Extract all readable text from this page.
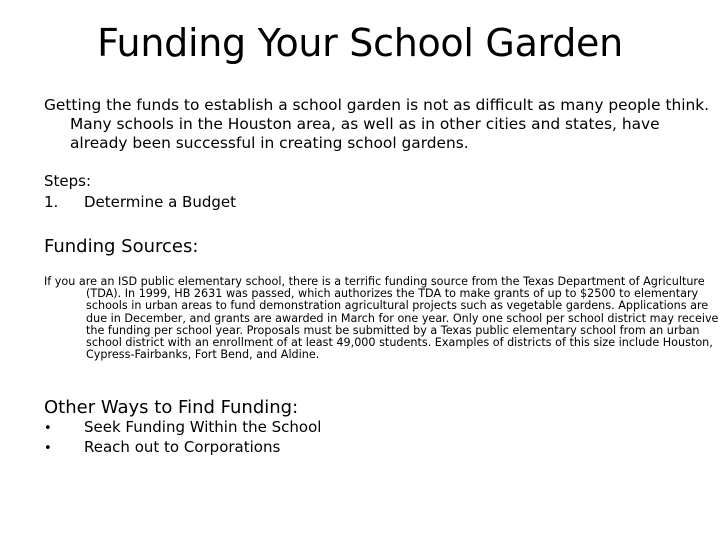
Funding Your School Garden
Getting the funds to establish a school garden is not as difficult as many people think. Many schools in the Houston area, as well as in other cities and states, have already been successful in creating school gardens.
Steps:
1. Determine a Budget
Funding Sources:
If you are an ISD public elementary school, there is a terrific funding source from the Texas Department of Agriculture (TDA). In 1999, HB 2631 was passed, which authorizes the TDA to make grants of up to $2500 to elementary schools in urban areas to fund demonstration agricultural projects such as vegetable gardens. Applications are due in December, and grants are awarded in March for one year. Only one school per school district may receive the funding per school year. Proposals must be submitted by a Texas public elementary school from an urban school district with an enrollment of at least 49,000 students. Examples of districts of this size include Houston, Cypress-Fairbanks, Fort Bend, and Aldine.
Other Ways to Find Funding:
• Seek Funding Within the School
• Reach out to Corporations
